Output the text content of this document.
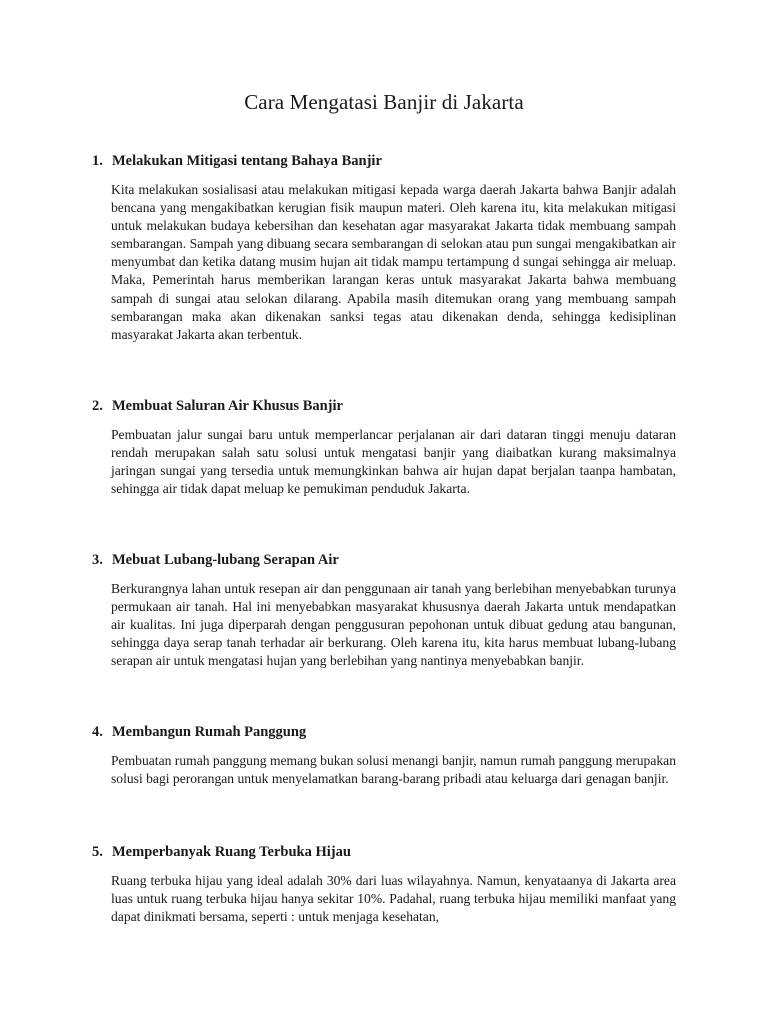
Cara Mengatasi Banjir di Jakarta
1. Melakukan Mitigasi tentang Bahaya Banjir

Kita melakukan sosialisasi atau melakukan mitigasi kepada warga daerah Jakarta bahwa Banjir adalah bencana yang mengakibatkan kerugian fisik maupun materi. Oleh karena itu, kita melakukan mitigasi untuk melakukan budaya kebersihan dan kesehatan agar masyarakat Jakarta tidak membuang sampah sembarangan. Sampah yang dibuang secara sembarangan di selokan atau pun sungai mengakibatkan air menyumbat dan ketika datang musim hujan ait tidak mampu tertampung d sungai sehingga air meluap. Maka, Pemerintah harus memberikan larangan keras untuk masyarakat Jakarta bahwa membuang sampah di sungai atau selokan dilarang. Apabila masih ditemukan orang yang membuang sampah sembarangan maka akan dikenakan sanksi tegas atau dikenakan denda, sehingga kedisiplinan masyarakat Jakarta akan terbentuk.

2. Membuat Saluran Air Khusus Banjir

Pembuatan jalur sungai baru untuk memperlancar perjalanan air dari dataran tinggi menuju dataran rendah merupakan salah satu solusi untuk mengatasi banjir yang diaibatkan kurang maksimalnya jaringan sungai yang tersedia untuk memungkinkan bahwa air hujan dapat berjalan taanpa hambatan, sehingga air tidak dapat meluap ke pemukiman penduduk Jakarta.

3. Mebuat Lubang-lubang Serapan Air

Berkurangnya lahan untuk resepan air dan penggunaan air tanah yang berlebihan menyebabkan turunya permukaan air tanah. Hal ini menyebabkan masyarakat khususnya daerah Jakarta untuk mendapatkan air kualitas. Ini juga diperparah dengan penggusuran pepohonan untuk dibuat gedung atau bangunan, sehingga daya serap tanah terhadar air berkurang. Oleh karena itu, kita harus membuat lubang-lubang serapan air untuk mengatasi hujan yang berlebihan yang nantinya menyebabkan banjir.

4. Membangun Rumah Panggung

Pembuatan rumah panggung memang bukan solusi menangi banjir, namun rumah panggung merupakan solusi bagi perorangan untuk menyelamatkan barang-barang pribadi atau keluarga dari genagan banjir.

5. Memperbanyak Ruang Terbuka Hijau

Ruang terbuka hijau yang ideal adalah 30% dari luas wilayahnya. Namun, kenyataanya di Jakarta area luas untuk ruang terbuka hijau hanya sekitar 10%. Padahal, ruang terbuka hijau memiliki manfaat yang dapat dinikmati bersama, seperti : untuk menjaga kesehatan,
